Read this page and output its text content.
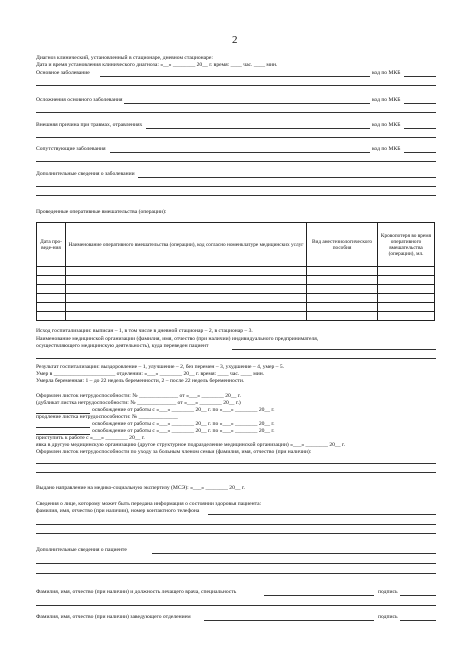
2
Диагноз клинический, установленный в стационаре, дневном стационаре:
Дата и время установления клинического диагноза: «__» ________ 20__ г. время: ____ час. ____ мин.
Основное заболевание	код по МКБ
Осложнения основного заболевания	код по МКБ
Внешняя причина при травмах, отравлениях	код по МКБ
Сопутствующие заболевания	код по МКБ
Дополнительные сведения о заболевании
Проведенные оперативные вмешательства (операции):
Дата про-веде-ния	Наименование оперативного вмешательства (операции), код согласно номенклатуре медицинских услуг	Вид анестезиологического пособия	Кровопотеря во время оперативного вмешательства (операции), мл.

Исход госпитализации: выписан – 1, в том числе в дневной стационар – 2, в стационар – 3.
Наименование медицинской организации (фамилия, имя, отчество (при наличии) индивидуального предпринимателя,
осуществляющего медицинскую деятельность), куда переведен пациент
Результат госпитализации: выздоровление – 1, улучшение – 2, без перемен – 3, ухудшение – 4, умер – 5.
Умер в ______________________ отделении: «___» ________ 20__ г. время: ____ час. ____ мин.
Умерла беременная: 1 – до 22 недель беременности, 2 – после 22 недель беременности.
Оформлен листок нетрудоспособности: № ______________ от «___» ________ 20__ г.
(дубликат листка нетрудоспособности: № ______________ от «___» ________ 20__ г.)
освобождение от работы с «___» ________ 20__ г. по «___» ________ 20__ г.
продление листка нетрудоспособности: № ______________
освобождение от работы с «___» ________ 20__ г. по «___» ________ 20__ г.
освобождение от работы с «___» ________ 20__ г. по «___» ________ 20__ г.
приступить к работе с «___» ________ 20__ г.
явка в другую медицинскую организацию (другое структурное подразделение медицинской организации) «___» ________ 20__ г.
Оформлен листок нетрудоспособности по уходу за больным членом семьи (фамилия, имя, отчество (при наличии):
Выдано направление на медико-социальную экспертизу (МСЭ): «___» ________ 20__ г.
Сведения о лице, которому может быть передана информация о состоянии здоровья пациента:
фамилия, имя, отчество (при наличии), номер контактного телефона
Дополнительные сведения о пациенте
Фамилия, имя, отчество (при наличии) и должность лечащего врача, специальность	подпись
Фамилия, имя, отчество (при наличии) заведующего отделением	подпись
